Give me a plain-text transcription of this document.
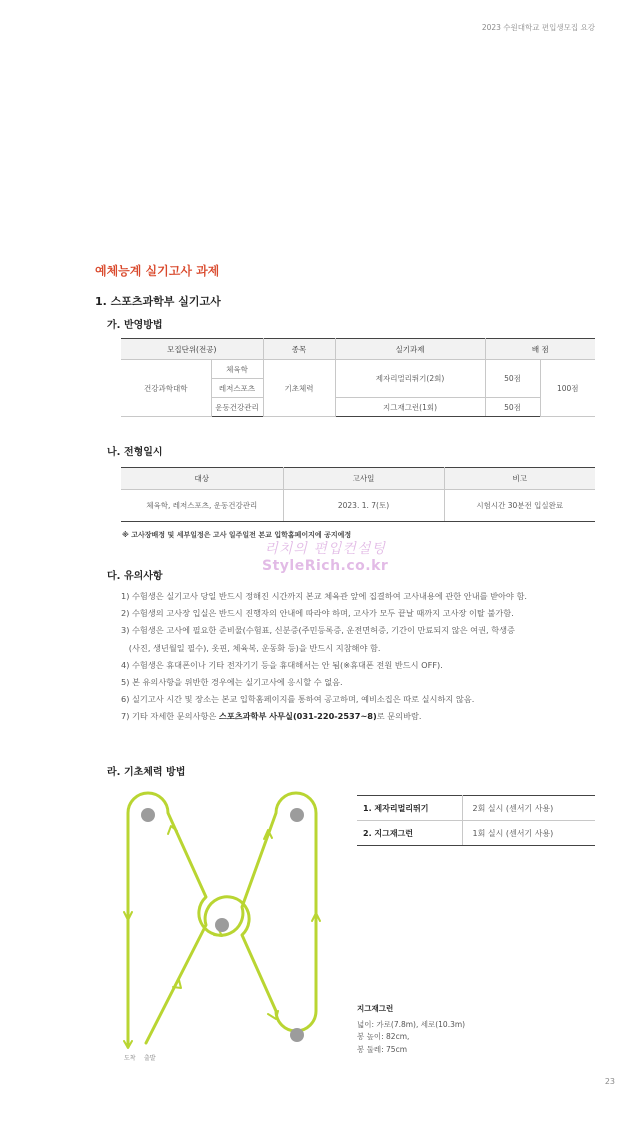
2023 수원대학교 편입생모집 요강
예체능계 실기고사 과제
1. 스포츠과학부 실기고사
가. 반영방법
모집단위(전공)		종목	실기과제	배 점	
건강과학대학	체육학	기초체력	제자리멀리뛰기(2회)	50점	100점
	레저스포츠				
	운동건강관리		지그재그런(1회)	50점	
나. 전형일시
대상	고사일	비고
체육학, 레저스포츠, 운동건강관리	2023. 1. 7(토)	시험시간 30분전 입실완료
※ 고사장배정 및 세부일정은 고사 일주일전 본교 입학홈페이지에 공지예정
리치의 편입컨설팅
StyleRich.co.kr
다. 유의사항
1) 수험생은 실기고사 당일 반드시 정해진 시간까지 본교 체육관 앞에 집결하여 고사내용에 관한 안내를 받아야 함.
2) 수험생의 고사장 입실은 반드시 진행자의 안내에 따라야 하며, 고사가 모두 끝날 때까지 고사장 이탈 불가함.
3) 수험생은 고사에 필요한 준비물(수험표, 신분증(주민등록증, 운전면허증, 기간이 만료되지 않은 여권, 학생증
(사진, 생년월일 필수), 옷핀, 체육복, 운동화 등)을 반드시 지참해야 함.
4) 수험생은 휴대폰이나 기타 전자기기 등을 휴대해서는 안 됨(※휴대폰 전원 반드시 OFF).
5) 본 유의사항을 위반한 경우에는 실기고사에 응시할 수 없음.
6) 실기고사 시간 및 장소는 본교 입학홈페이지를 통하여 공고하며, 예비소집은 따로 실시하지 않음.
7) 기타 자세한 문의사항은 스포츠과학부 사무실(031-220-2537~8)로 문의바람.
라. 기초체력 방법
도착 출발
1. 제자리멀리뛰기	2회 실시 (센서기 사용)
2. 지그재그런	1회 실시 (센서기 사용)
지그재그런
넓이: 가로(7.8m), 세로(10.3m)
봉 높이: 82cm,
봉 둘레: 75cm
23
